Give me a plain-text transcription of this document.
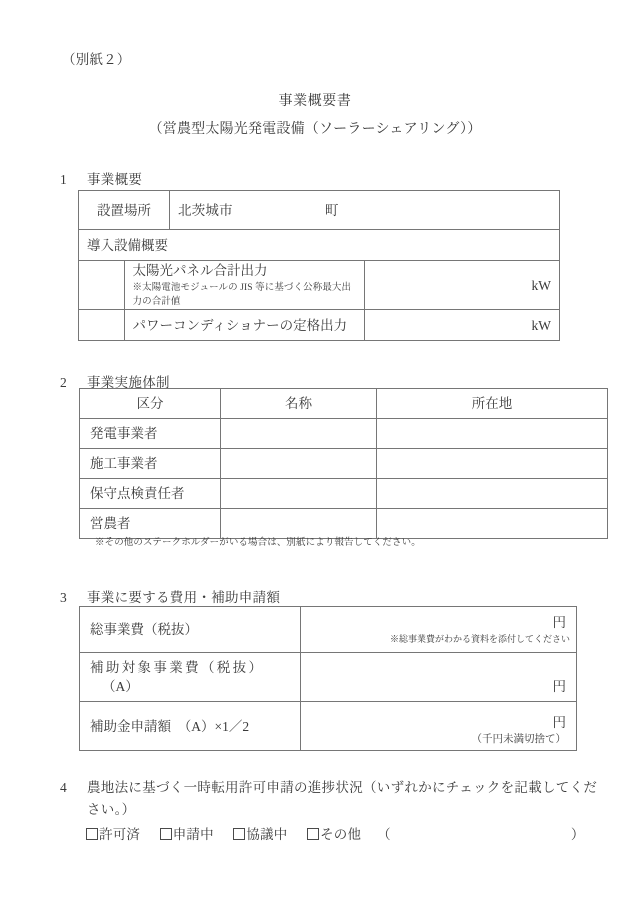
（別紙２）
事業概要書
（営農型太陽光発電設備（ソーラーシェアリング））
1 事業概要
設置場所		北茨城市 町	
導入設備概要			

	太陽光パネル合計出力
※太陽電池モジュールの JIS 等に基づく公称最大出力の合計値		kW
	パワーコンディショナーの定格出力		kW
2 事業実施体制
区分	名称	所在地
発電事業者		
施工事業者		
保守点検責任者		
営農者		
※その他のステークホルダーがいる場合は、別紙により報告してください。
3 事業に要する費用・補助申請額
総事業費（税抜）	円
※総事業費がわかる資料を添付してください

補助対象事業費（税抜）
（A）	円

補助金申請額　（A）×1／2	円
（千円未満切捨て）
4 農地法に基づく一時転用許可申請の進捗状況（いずれかにチェックを記載してくだ
さい。）
許可済 申請中 協議中 その他 （	）
